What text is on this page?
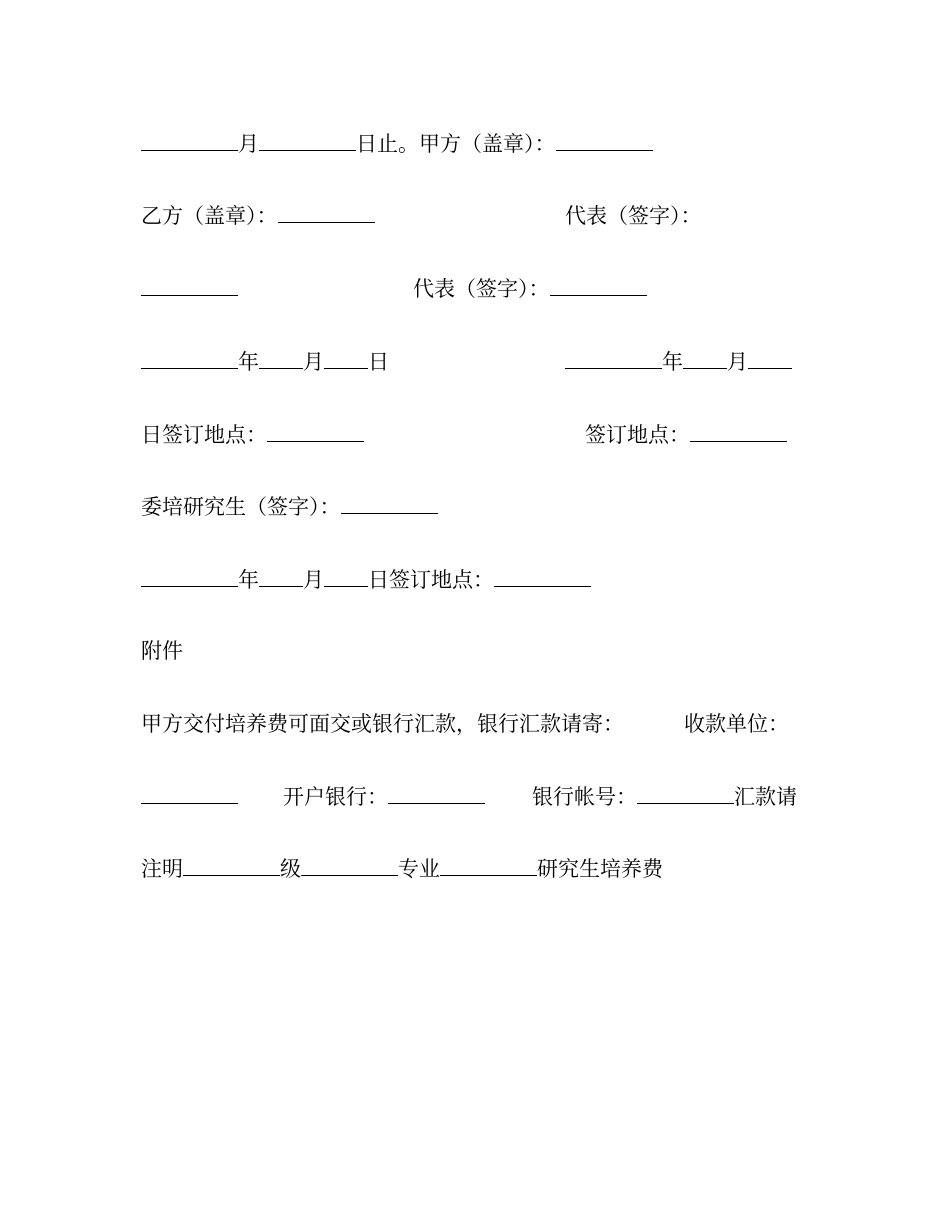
月	日止。甲方（盖章）：
乙方（盖章）：	代表（签字）：
代表（签字）：
年 月 日	年 月
日签订地点：	签订地点：
委培研究生（签字）：
年 月 日签订地点：
附件
甲方交付培养费可面交或银行汇款，银行汇款请寄：	收款单位：
开户银行：	银行帐号：	汇款请
注明	级	专业	研究生培养费
